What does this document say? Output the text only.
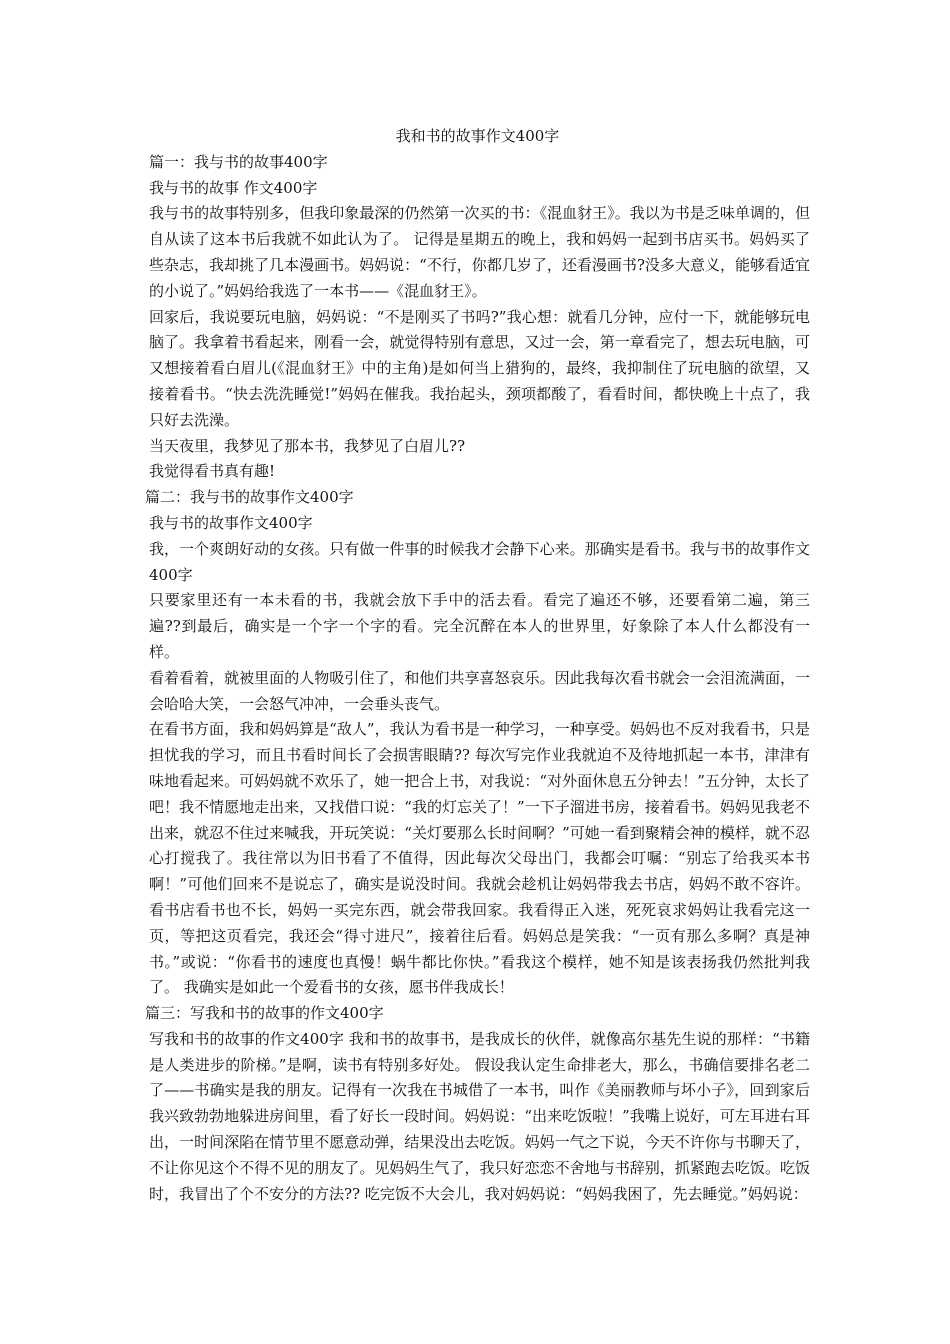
我和书的故事作文400字

篇一：我与书的故事400字

我与书的故事 作文400字

我与书的故事特别多，但我印象最深的仍然第一次买的书：《混血豺王》。我以为书是乏味单调的，但自从读了这本书后我就不如此认为了。 记得是星期五的晚上，我和妈妈一起到书店买书。妈妈买了些杂志，我却挑了几本漫画书。妈妈说：“不行，你都几岁了，还看漫画书?没多大意义，能够看适宜的小说了。”妈妈给我选了一本书——《混血豺王》。

回家后，我说要玩电脑，妈妈说：“不是刚买了书吗?”我心想：就看几分钟，应付一下，就能够玩电脑了。我拿着书看起来，刚看一会，就觉得特别有意思，又过一会，第一章看完了，想去玩电脑，可又想接着看白眉儿(《混血豺王》中的主角)是如何当上猎狗的，最终，我抑制住了玩电脑的欲望，又接着看书。“快去洗洗睡觉!”妈妈在催我。我抬起头，颈项都酸了，看看时间，都快晚上十点了，我只好去洗澡。

当天夜里，我梦见了那本书，我梦见了白眉儿??

我觉得看书真有趣!

篇二：我与书的故事作文400字

我与书的故事作文400字

我，一个爽朗好动的女孩。只有做一件事的时候我才会静下心来。那确实是看书。我与书的故事作文400字

只要家里还有一本未看的书，我就会放下手中的活去看。看完了遍还不够，还要看第二遍，第三遍??到最后，确实是一个字一个字的看。完全沉醉在本人的世界里，好象除了本人什么都没有一样。

看着看着，就被里面的人物吸引住了，和他们共享喜怒哀乐。因此我每次看书就会一会泪流满面，一会哈哈大笑，一会怒气冲冲，一会垂头丧气。

在看书方面，我和妈妈算是“敌人”，我认为看书是一种学习，一种享受。妈妈也不反对我看书，只是担忧我的学习，而且书看时间长了会损害眼睛?? 每次写完作业我就迫不及待地抓起一本书，津津有味地看起来。可妈妈就不欢乐了，她一把合上书，对我说：“对外面休息五分钟去！”五分钟，太长了吧！我不情愿地走出来，又找借口说：“我的灯忘关了！”一下子溜进书房，接着看书。妈妈见我老不出来，就忍不住过来喊我，开玩笑说：“关灯要那么长时间啊？”可她一看到聚精会神的模样，就不忍心打搅我了。我往常以为旧书看了不值得，因此每次父母出门，我都会叮嘱：“别忘了给我买本书啊！”可他们回来不是说忘了，确实是说没时间。我就会趁机让妈妈带我去书店，妈妈不敢不容许。看书店看书也不长，妈妈一买完东西，就会带我回家。我看得正入迷，死死哀求妈妈让我看完这一页，等把这页看完，我还会“得寸进尺”，接着往后看。妈妈总是笑我：“一页有那么多啊？真是神书。”或说：“你看书的速度也真慢！蜗牛都比你快。”看我这个模样，她不知是该表扬我仍然批判我了。 我确实是如此一个爱看书的女孩，愿书伴我成长！

篇三：写我和书的故事的作文400字

写我和书的故事的作文400字 我和书的故事书，是我成长的伙伴，就像高尔基先生说的那样：“书籍是人类进步的阶梯。”是啊，读书有特别多好处。 假设我认定生命排老大，那么，书确信要排名老二了——书确实是我的朋友。记得有一次我在书城借了一本书，叫作《美丽教师与坏小子》，回到家后我兴致勃勃地躲进房间里，看了好长一段时间。妈妈说：“出来吃饭啦！”我嘴上说好，可左耳进右耳出，一时间深陷在情节里不愿意动弹，结果没出去吃饭。妈妈一气之下说，今天不许你与书聊天了，不让你见这个不得不见的朋友了。见妈妈生气了，我只好恋恋不舍地与书辞别，抓紧跑去吃饭。吃饭时，我冒出了个不安分的方法?? 吃完饭不大会儿，我对妈妈说：“妈妈我困了，先去睡觉。”妈妈说：
